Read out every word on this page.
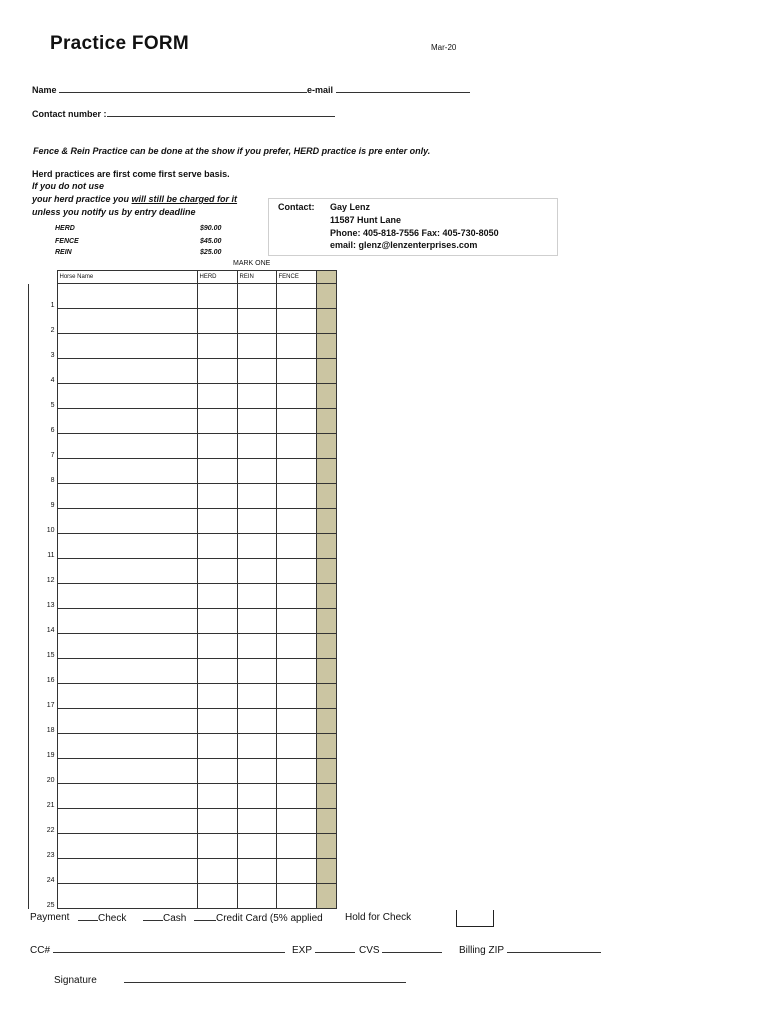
Practice FORM	Mar-20
Name	e-mail
Contact number :
Fence & Rein Practice can be done at the show if you prefer, HERD practice is pre enter only.
Herd practices are first come first serve basis.
If you do not use
your herd practice you will still be charged for it
unless you notify us by entry deadline
HERD	$90.00
FENCE	$45.00
REIN	$25.00
Contact: Gay Lenz
11587 Hunt Lane
Phone: 405-818-7556 Fax: 405-730-8050
email: glenz@lenzenterprises.com
MARK ONE
	Horse Name	HERD	REIN	FENCE	
1					
2					
3					
4					
5					
6					
7					
8					
9					
10					
11					
12					
13					
14					
15					
16					
17					
18					
19					
20					
21					
22					
23					
24					
25					
Payment	Check	Cash	Credit Card (5% applied Hold for Check
CC#	EXP	CVS	Billing ZIP
Signature
